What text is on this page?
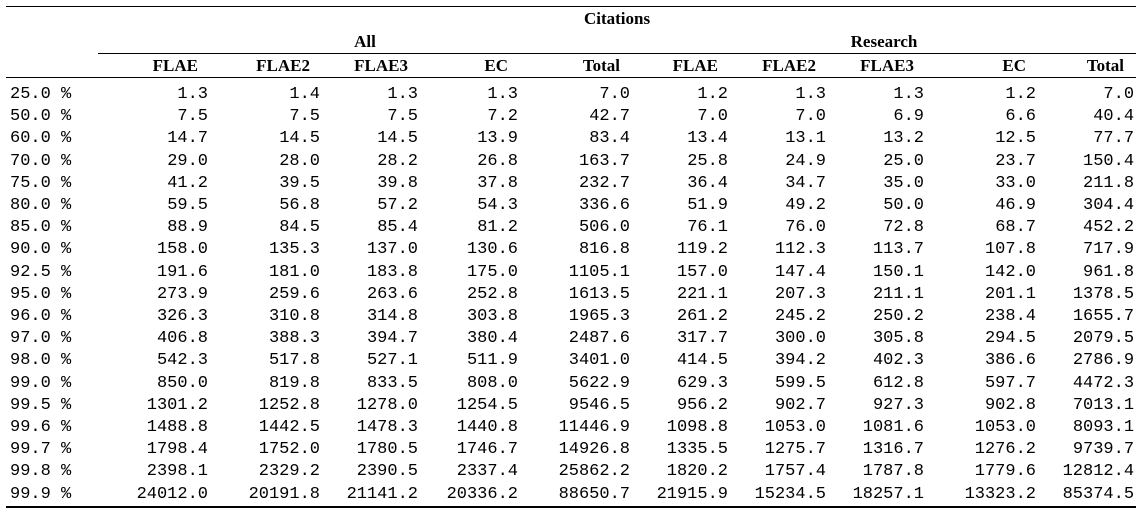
	Citations									
	All					Research				
	FLAE	FLAE2	FLAE3	EC	Total	FLAE	FLAE2	FLAE3	EC	Total
25.0 %	1.3	1.4	1.3	1.3	7.0	1.2	1.3	1.3	1.2	7.0
50.0 %	7.5	7.5	7.5	7.2	42.7	7.0	7.0	6.9	6.6	40.4
60.0 %	14.7	14.5	14.5	13.9	83.4	13.4	13.1	13.2	12.5	77.7
70.0 %	29.0	28.0	28.2	26.8	163.7	25.8	24.9	25.0	23.7	150.4
75.0 %	41.2	39.5	39.8	37.8	232.7	36.4	34.7	35.0	33.0	211.8
80.0 %	59.5	56.8	57.2	54.3	336.6	51.9	49.2	50.0	46.9	304.4
85.0 %	88.9	84.5	85.4	81.2	506.0	76.1	76.0	72.8	68.7	452.2
90.0 %	158.0	135.3	137.0	130.6	816.8	119.2	112.3	113.7	107.8	717.9
92.5 %	191.6	181.0	183.8	175.0	1105.1	157.0	147.4	150.1	142.0	961.8
95.0 %	273.9	259.6	263.6	252.8	1613.5	221.1	207.3	211.1	201.1	1378.5
96.0 %	326.3	310.8	314.8	303.8	1965.3	261.2	245.2	250.2	238.4	1655.7
97.0 %	406.8	388.3	394.7	380.4	2487.6	317.7	300.0	305.8	294.5	2079.5
98.0 %	542.3	517.8	527.1	511.9	3401.0	414.5	394.2	402.3	386.6	2786.9
99.0 %	850.0	819.8	833.5	808.0	5622.9	629.3	599.5	612.8	597.7	4472.3
99.5 %	1301.2	1252.8	1278.0	1254.5	9546.5	956.2	902.7	927.3	902.8	7013.1
99.6 %	1488.8	1442.5	1478.3	1440.8	11446.9	1098.8	1053.0	1081.6	1053.0	8093.1
99.7 %	1798.4	1752.0	1780.5	1746.7	14926.8	1335.5	1275.7	1316.7	1276.2	9739.7
99.8 %	2398.1	2329.2	2390.5	2337.4	25862.2	1820.2	1757.4	1787.8	1779.6	12812.4
99.9 %	24012.0	20191.8	21141.2	20336.2	88650.7	21915.9	15234.5	18257.1	13323.2	85374.5
